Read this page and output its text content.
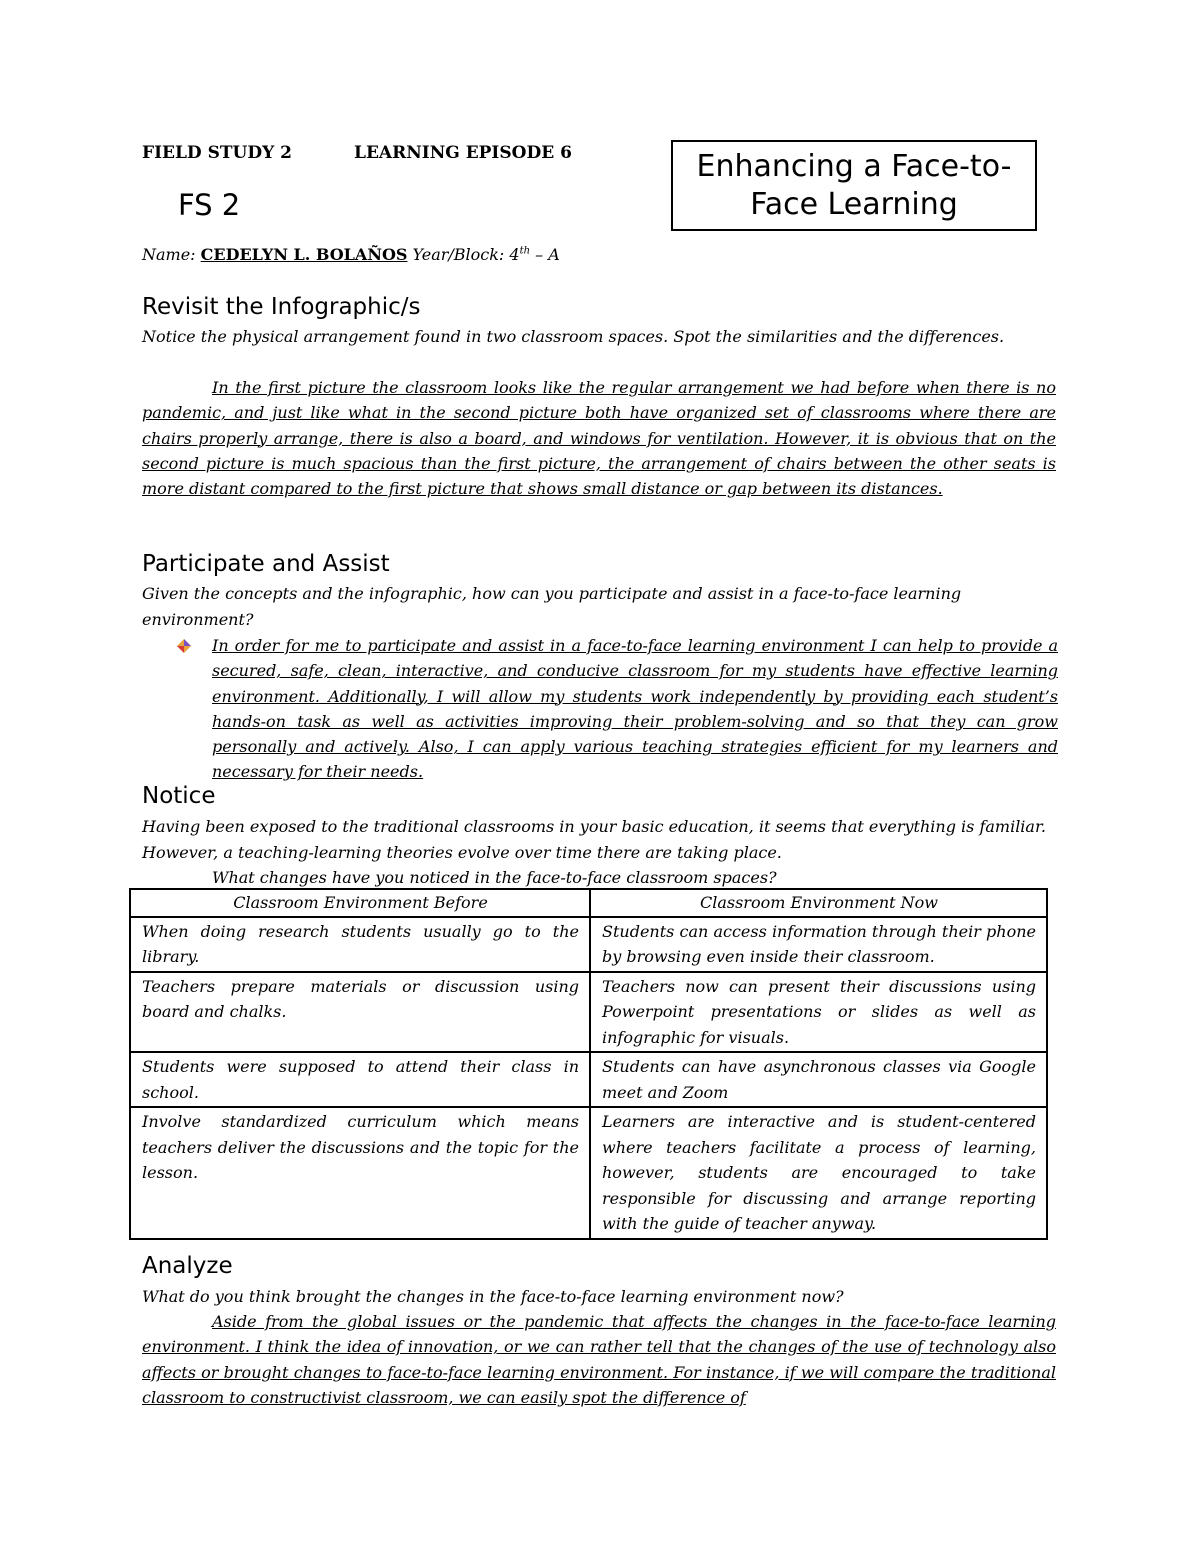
FIELD STUDY 2	LEARNING EPISODE 6
FS 2
Enhancing a Face-to-
Face Learning
Name: CEDELYN L. BOLAÑOS Year/Block: 4th – A
Revisit the Infographic/s
Notice the physical arrangement found in two classroom spaces. Spot the similarities and the differences.
In the first picture the classroom looks like the regular arrangement we had before when there is no pandemic, and just like what in the second picture both have organized set of classrooms where there are chairs properly arrange, there is also a board, and windows for ventilation. However, it is obvious that on the second picture is much spacious than the first picture, the arrangement of chairs between the other seats is more distant compared to the first picture that shows small distance or gap between its distances.
Participate and Assist
Given the concepts and the infographic, how can you participate and assist in a face-to-face learning environment?
In order for me to participate and assist in a face-to-face learning environment I can help to provide a secured, safe, clean, interactive, and conducive classroom for my students have effective learning environment. Additionally, I will allow my students work independently by providing each student’s hands-on task as well as activities improving their problem-solving and so that they can grow personally and actively. Also, I can apply various teaching strategies efficient for my learners and necessary for their needs.
Notice
Having been exposed to the traditional classrooms in your basic education, it seems that everything is familiar. However, a teaching-learning theories evolve over time there are taking place.
What changes have you noticed in the face-to-face classroom spaces?
Classroom Environment Before	Classroom Environment Now
When doing research students usually go to the library.	Students can access information through their phone by browsing even inside their classroom.
Teachers prepare materials or discussion using board and chalks.	Teachers now can present their discussions using Powerpoint presentations or slides as well as infographic for visuals.
Students were supposed to attend their class in school.	Students can have asynchronous classes via Google meet and Zoom
Involve standardized curriculum which means teachers deliver the discussions and the topic for the lesson.	Learners are interactive and is student-centered where teachers facilitate a process of learning, however, students are encouraged to take responsible for discussing and arrange reporting with the guide of teacher anyway.
Analyze
What do you think brought the changes in the face-to-face learning environment now?
Aside from the global issues or the pandemic that affects the changes in the face-to-face learning environment. I think the idea of innovation, or we can rather tell that the changes of the use of technology also affects or brought changes to face-to-face learning environment. For instance, if we will compare the traditional classroom to constructivist classroom, we can easily spot the difference of
